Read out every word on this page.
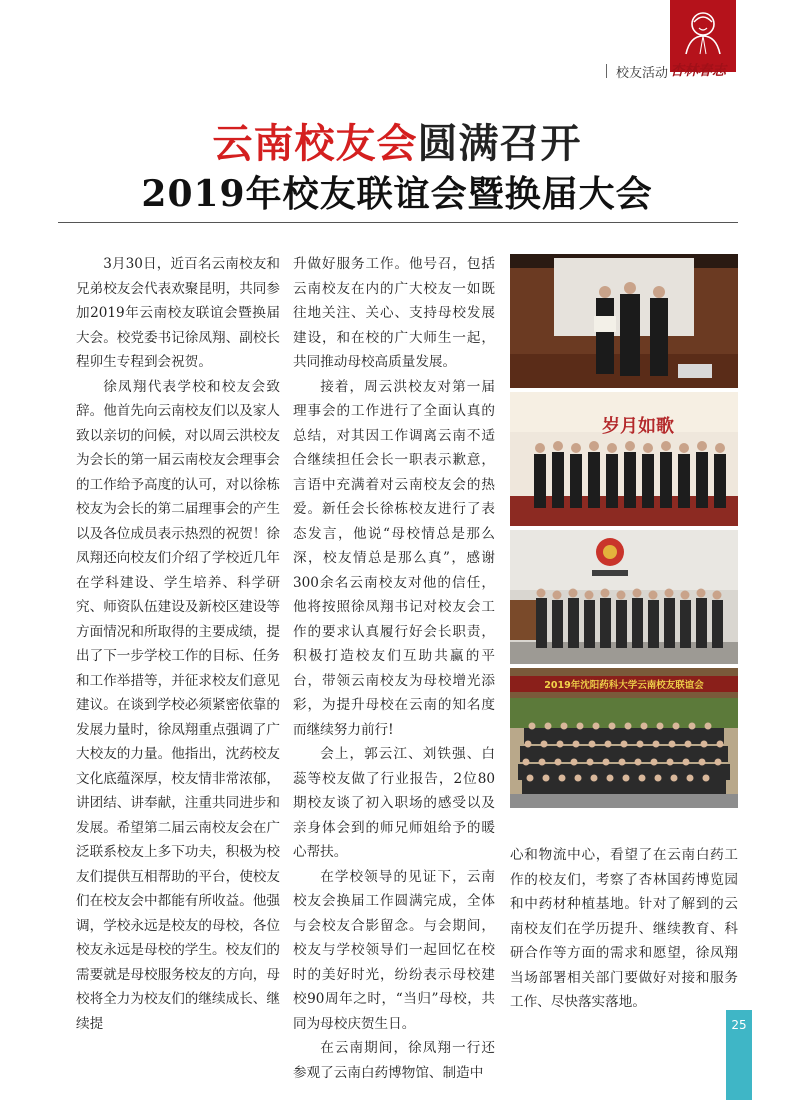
校友活动 杏林春志
云南校友会圆满召开
2019年校友联谊会暨换届大会

3月30日，近百名云南校友和兄弟校友会代表欢聚昆明，共同参加2019年云南校友联谊会暨换届大会。校党委书记徐凤翔、副校长程卯生专程到会祝贺。

徐凤翔代表学校和校友会致辞。他首先向云南校友们以及家人致以亲切的问候，对以周云洪校友为会长的第一届云南校友会理事会的工作给予高度的认可，对以徐栋校友为会长的第二届理事会的产生以及各位成员表示热烈的祝贺！徐凤翔还向校友们介绍了学校近几年在学科建设、学生培养、科学研究、师资队伍建设及新校区建设等方面情况和所取得的主要成绩，提出了下一步学校工作的目标、任务和工作举措等，并征求校友们意见建议。在谈到学校必须紧密依靠的发展力量时，徐凤翔重点强调了广大校友的力量。他指出，沈药校友文化底蕴深厚，校友情非常浓郁，讲团结、讲奉献，注重共同进步和发展。希望第二届云南校友会在广泛联系校友上多下功夫，积极为校友们提供互相帮助的平台，使校友们在校友会中都能有所收益。他强调，学校永远是校友的母校，各位校友永远是母校的学生。校友们的需要就是母校服务校友的方向，母校将全力为校友们的继续成长、继续提

升做好服务工作。他号召，包括云南校友在内的广大校友一如既往地关注、关心、支持母校发展建设，和在校的广大师生一起，共同推动母校高质量发展。

接着，周云洪校友对第一届理事会的工作进行了全面认真的总结，对其因工作调离云南不适合继续担任会长一职表示歉意，言语中充满着对云南校友会的热爱。新任会长徐栋校友进行了表态发言，他说“母校情总是那么深，校友情总是那么真”，感谢300余名云南校友对他的信任，他将按照徐凤翔书记对校友会工作的要求认真履行好会长职责，积极打造校友们互助共赢的平台，带领云南校友为母校增光添彩，为提升母校在云南的知名度而继续努力前行!

会上，郭云江、刘铁强、白蕊等校友做了行业报告，2位80期校友谈了初入职场的感受以及亲身体会到的师兄师姐给予的暖心帮扶。

在学校领导的见证下，云南校友会换届工作圆满完成，全体与会校友合影留念。与会期间，校友与学校领导们一起回忆在校时的美好时光，纷纷表示母校建校90周年之时，“当归”母校，共同为母校庆贺生日。

在云南期间，徐凤翔一行还参观了云南白药博物馆、制造中

心和物流中心，看望了在云南白药工作的校友们，考察了杏林国药博览园和中药材种植基地。针对了解到的云南校友们在学历提升、继续教育、科研合作等方面的需求和愿望，徐凤翔当场部署相关部门要做好对接和服务工作、尽快落实落地。

岁月如歌
2019年沈阳药科大学云南校友联谊会
25
